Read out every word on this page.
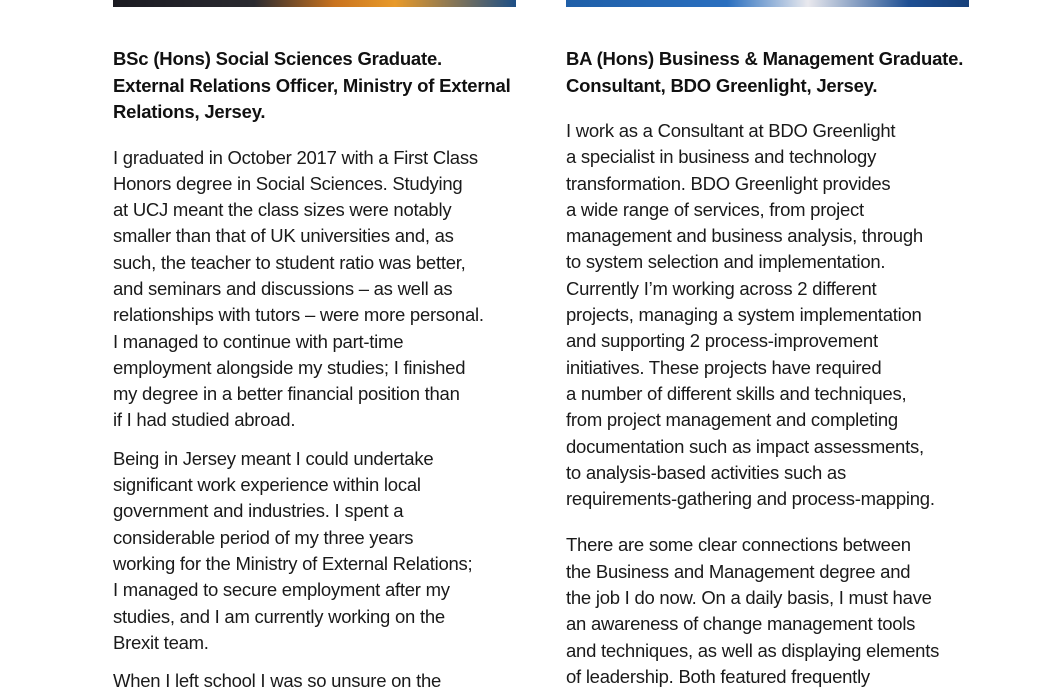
BSc (Hons) Social Sciences Graduate.
External Relations Officer, Ministry of External
Relations, Jersey.

I graduated in October 2017 with a First Class
Honors degree in Social Sciences. Studying
at UCJ meant the class sizes were notably
smaller than that of UK universities and, as
such, the teacher to student ratio was better,
and seminars and discussions – as well as
relationships with tutors – were more personal.
I managed to continue with part-time
employment alongside my studies; I finished
my degree in a better financial position than
if I had studied abroad.

Being in Jersey meant I could undertake
significant work experience within local
government and industries. I spent a
considerable period of my three years
working for the Ministry of External Relations;
I managed to secure employment after my
studies, and I am currently working on the
Brexit team.

When I left school I was so unsure on the

BA (Hons) Business & Management Graduate.
Consultant, BDO Greenlight, Jersey.

I work as a Consultant at BDO Greenlight
a specialist in business and technology
transformation. BDO Greenlight provides
a wide range of services, from project
management and business analysis, through
to system selection and implementation.
Currently I’m working across 2 different
projects, managing a system implementation
and supporting 2 process-improvement
initiatives. These projects have required
a number of different skills and techniques,
from project management and completing
documentation such as impact assessments,
to analysis-based activities such as
requirements-gathering and process-mapping.

There are some clear connections between
the Business and Management degree and
the job I do now. On a daily basis, I must have
an awareness of change management tools
and techniques, as well as displaying elements
of leadership. Both featured frequently
